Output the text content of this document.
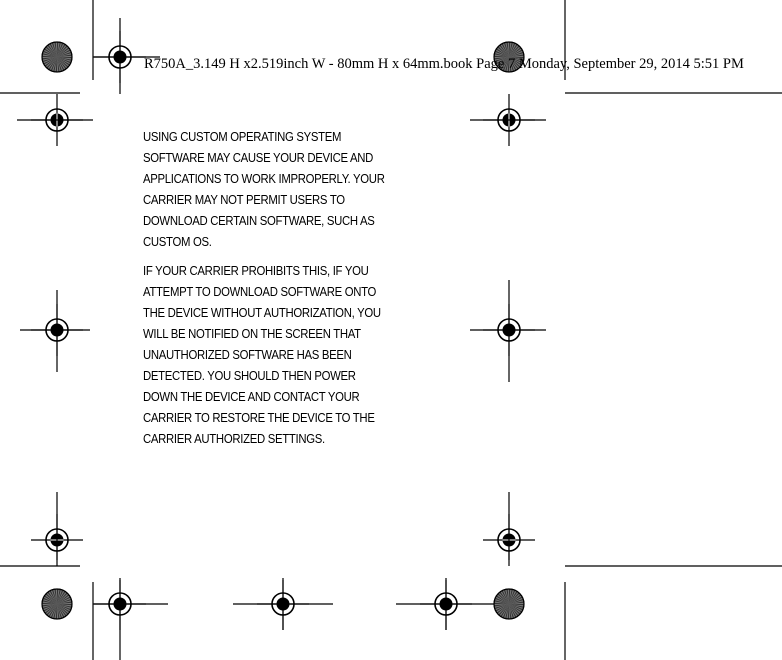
R750A_3.149 H x2.519inch W - 80mm H x 64mm.book Page 7 Monday, September 29, 2014 5:51 PM

USING CUSTOM OPERATING SYSTEM
SOFTWARE MAY CAUSE YOUR DEVICE AND
APPLICATIONS TO WORK IMPROPERLY. YOUR
CARRIER MAY NOT PERMIT USERS TO
DOWNLOAD CERTAIN SOFTWARE, SUCH AS
CUSTOM OS.

IF YOUR CARRIER PROHIBITS THIS, IF YOU
ATTEMPT TO DOWNLOAD SOFTWARE ONTO
THE DEVICE WITHOUT AUTHORIZATION, YOU
WILL BE NOTIFIED ON THE SCREEN THAT
UNAUTHORIZED SOFTWARE HAS BEEN
DETECTED. YOU SHOULD THEN POWER
DOWN THE DEVICE AND CONTACT YOUR
CARRIER TO RESTORE THE DEVICE TO THE
CARRIER AUTHORIZED SETTINGS.
